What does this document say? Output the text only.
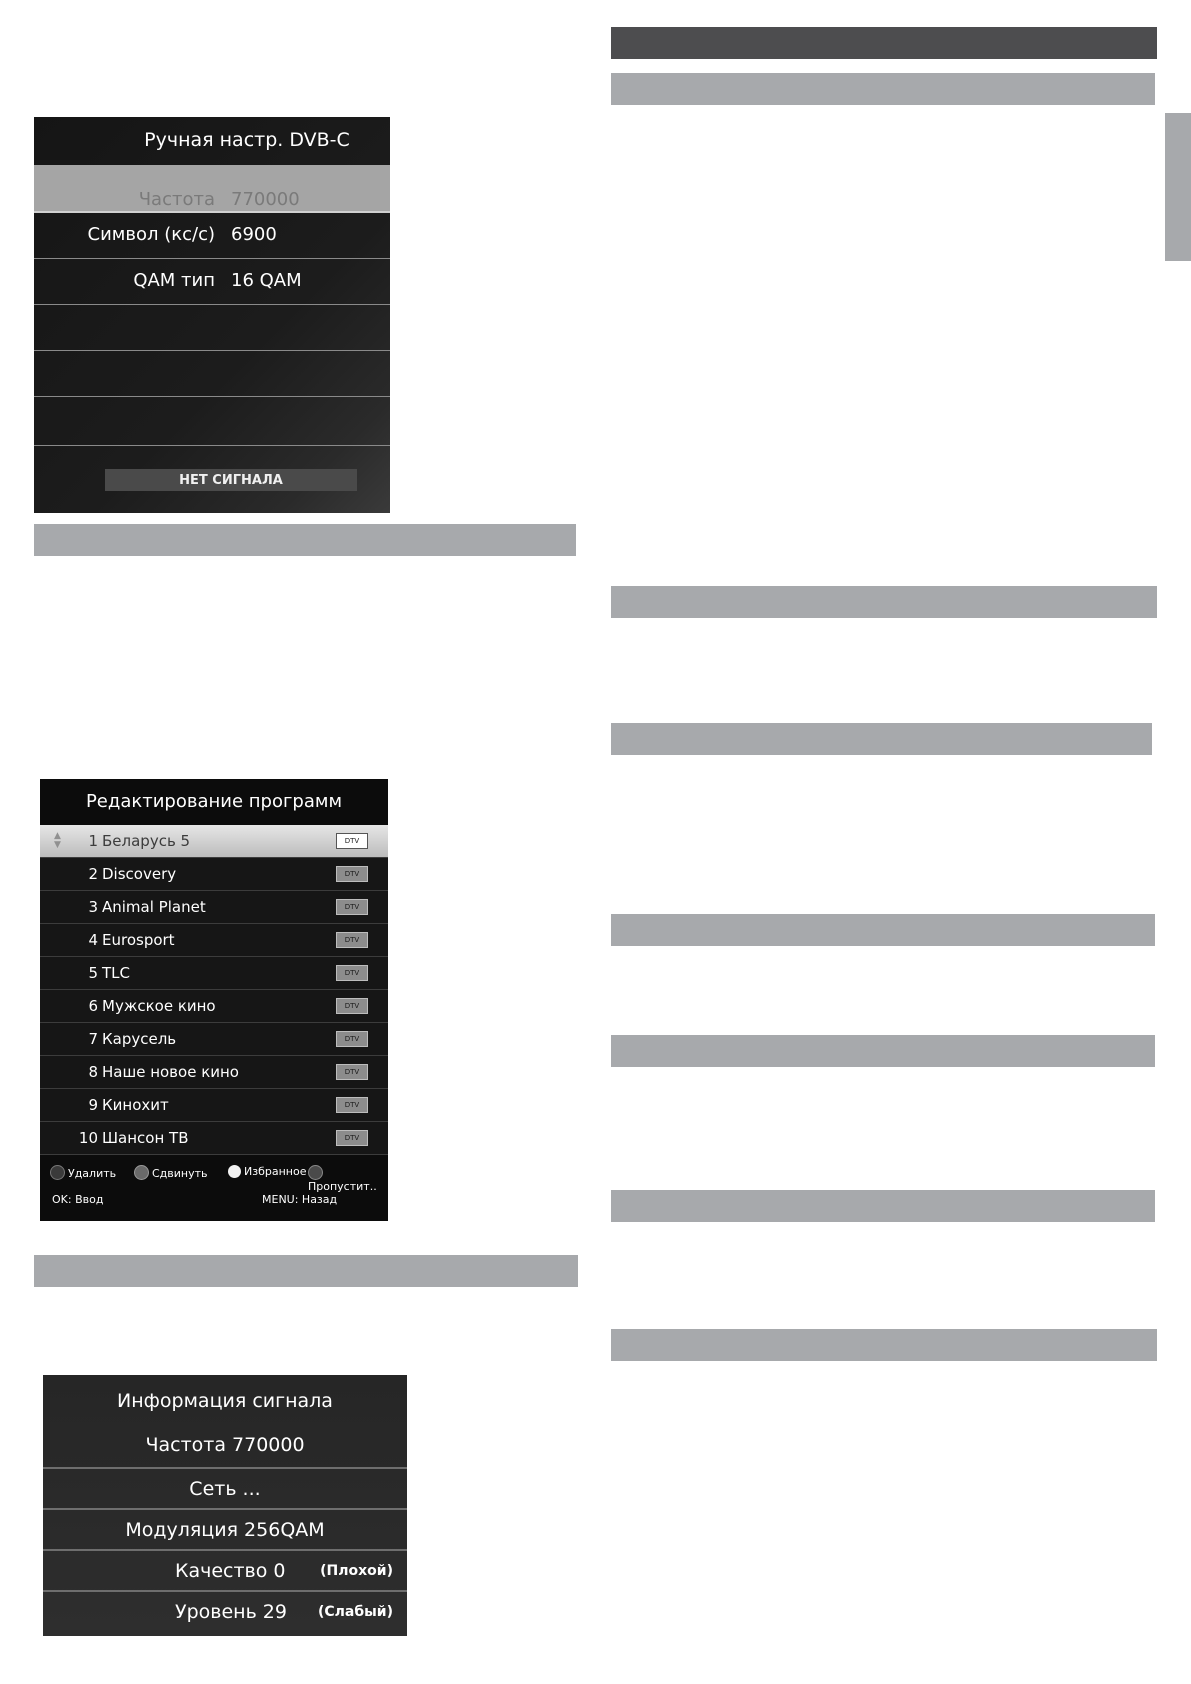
Ручная настр. DVB-C
Частота 770000
Символ (кс/с) 6900
QAM тип 16 QAM
НЕТ СИГНАЛА
Редактирование программ
▲
▼	1 Беларусь 5	DTV
2 Discovery	DTV
3 Animal Planet	DTV
4 Eurosport	DTV
5 TLC	DTV
6 Мужское кино	DTV
7 Карусель	DTV
8 Наше новое кино	DTV
9 Кинохит	DTV
10 Шансон ТВ	DTV
Удалить	Сдвинуть	Избранное
Пропустит..
OK: Ввод	MENU: Назад
Информация сигнала
Частота 770000
Сеть ...
Модуляция 256QAM
Качество 0	(Плохой)
Уровень 29	(Слабый)
